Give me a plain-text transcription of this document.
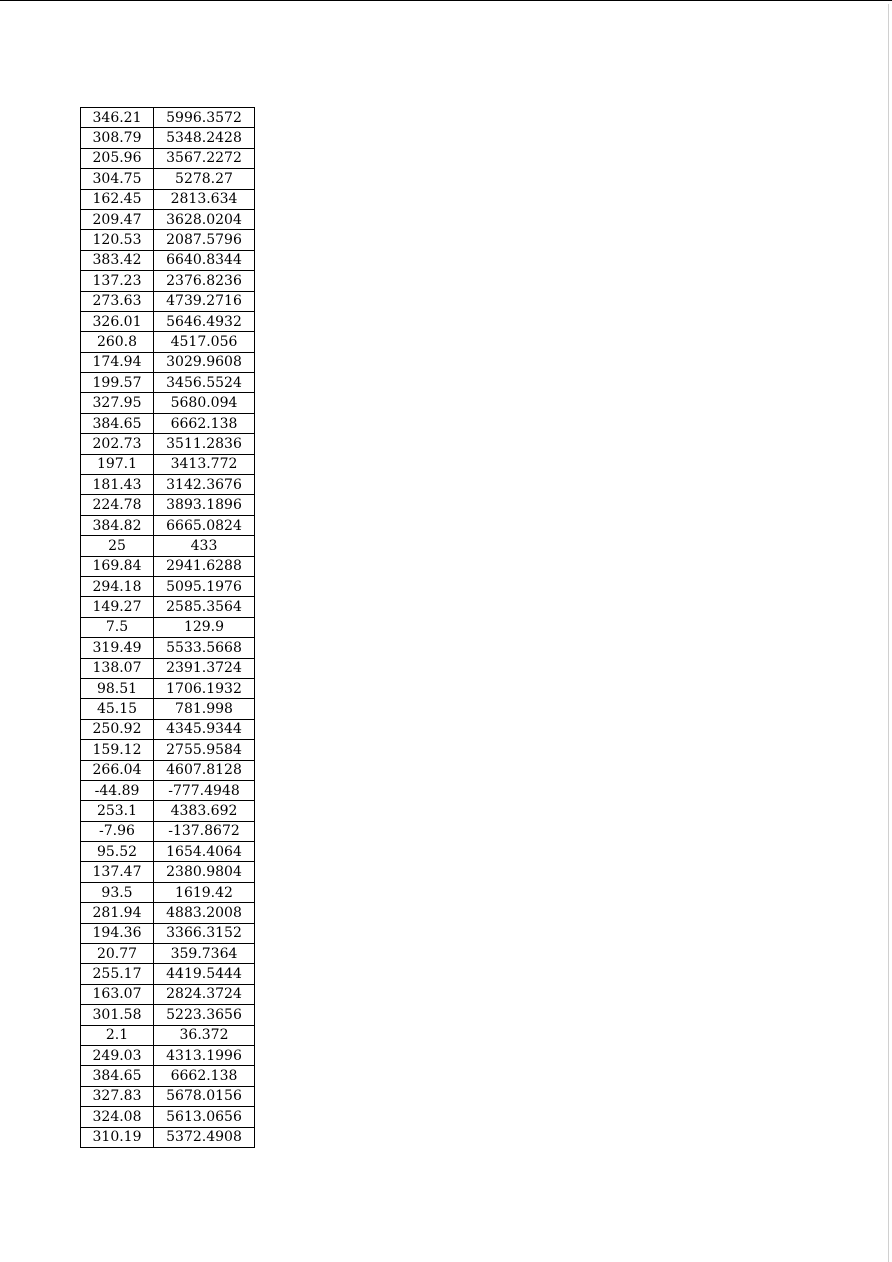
346.21	5996.3572
308.79	5348.2428
205.96	3567.2272
304.75	5278.27
162.45	2813.634
209.47	3628.0204
120.53	2087.5796
383.42	6640.8344
137.23	2376.8236
273.63	4739.2716
326.01	5646.4932
260.8	4517.056
174.94	3029.9608
199.57	3456.5524
327.95	5680.094
384.65	6662.138
202.73	3511.2836
197.1	3413.772
181.43	3142.3676
224.78	3893.1896
384.82	6665.0824
25	433
169.84	2941.6288
294.18	5095.1976
149.27	2585.3564
7.5	129.9
319.49	5533.5668
138.07	2391.3724
98.51	1706.1932
45.15	781.998
250.92	4345.9344
159.12	2755.9584
266.04	4607.8128
-44.89	-777.4948
253.1	4383.692
-7.96	-137.8672
95.52	1654.4064
137.47	2380.9804
93.5	1619.42
281.94	4883.2008
194.36	3366.3152
20.77	359.7364
255.17	4419.5444
163.07	2824.3724
301.58	5223.3656
2.1	36.372
249.03	4313.1996
384.65	6662.138
327.83	5678.0156
324.08	5613.0656
310.19	5372.4908
